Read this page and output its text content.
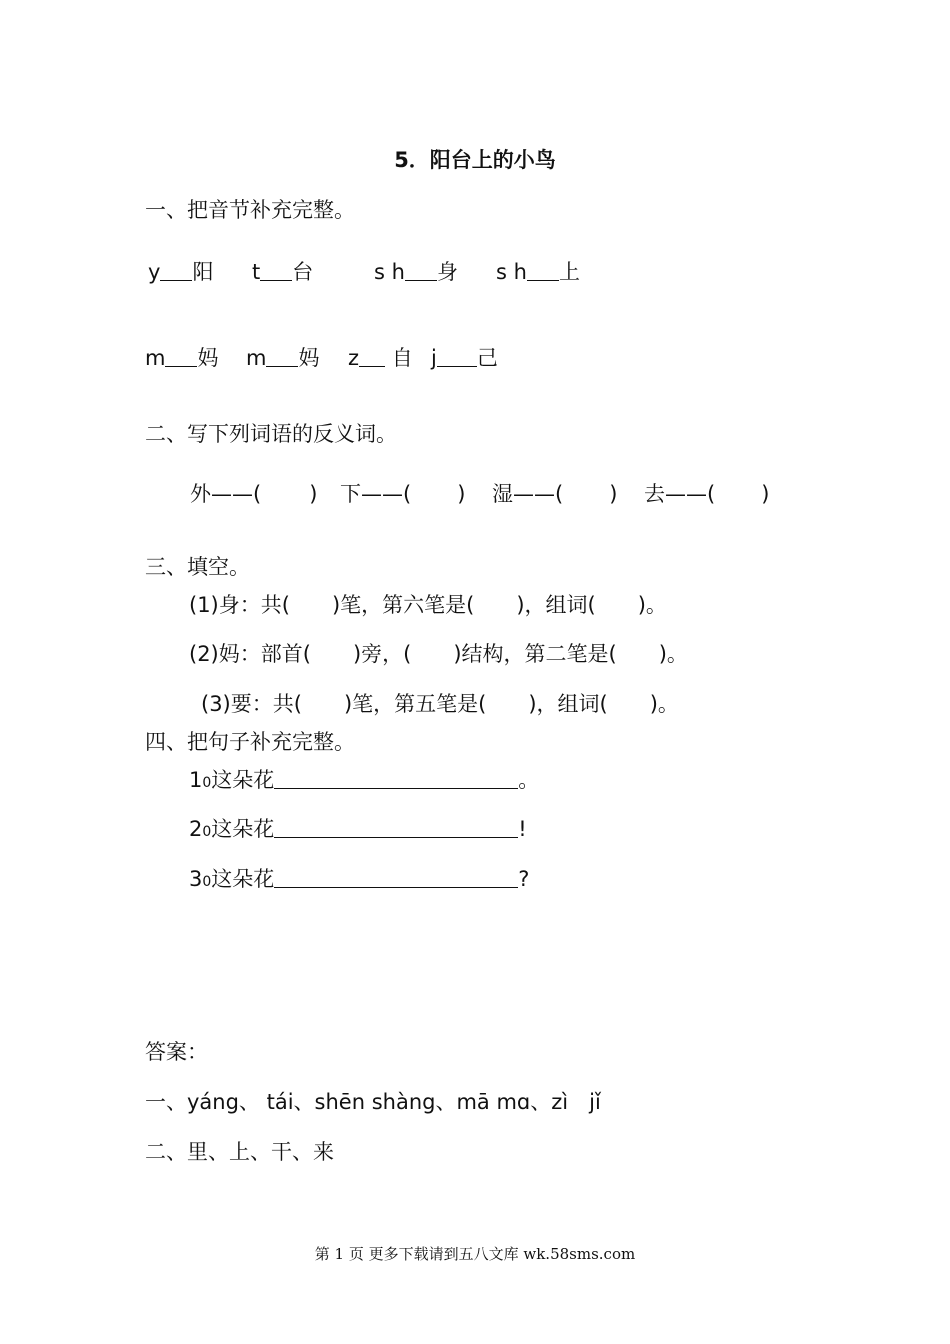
5．阳台上的小鸟
一、把音节补充完整。
y 阳 t 台	s h 身 s h 上
m 妈 m 妈 z 自 j 己
二、写下列词语的反义词。
外——( ) 下——( ) 湿——( ) 去——( )
三、填空。
(1)身：共(　　)笔，第六笔是(　　)，组词(　　)。
(2)妈：部首(　　)旁，(　　)结构，第二笔是(　　)。
(3)要：共(　　)笔，第五笔是(　　)，组词(　　)。
四、把句子补充完整。
10这朵花	。
20这朵花	!
30这朵花	?
答案：
一、yáng、 tái、shēn shàng、mā mɑ、zì　jǐ
二、里、上、干、来
第 1 页 更多下载请到五八文库 wk.58sms.com
